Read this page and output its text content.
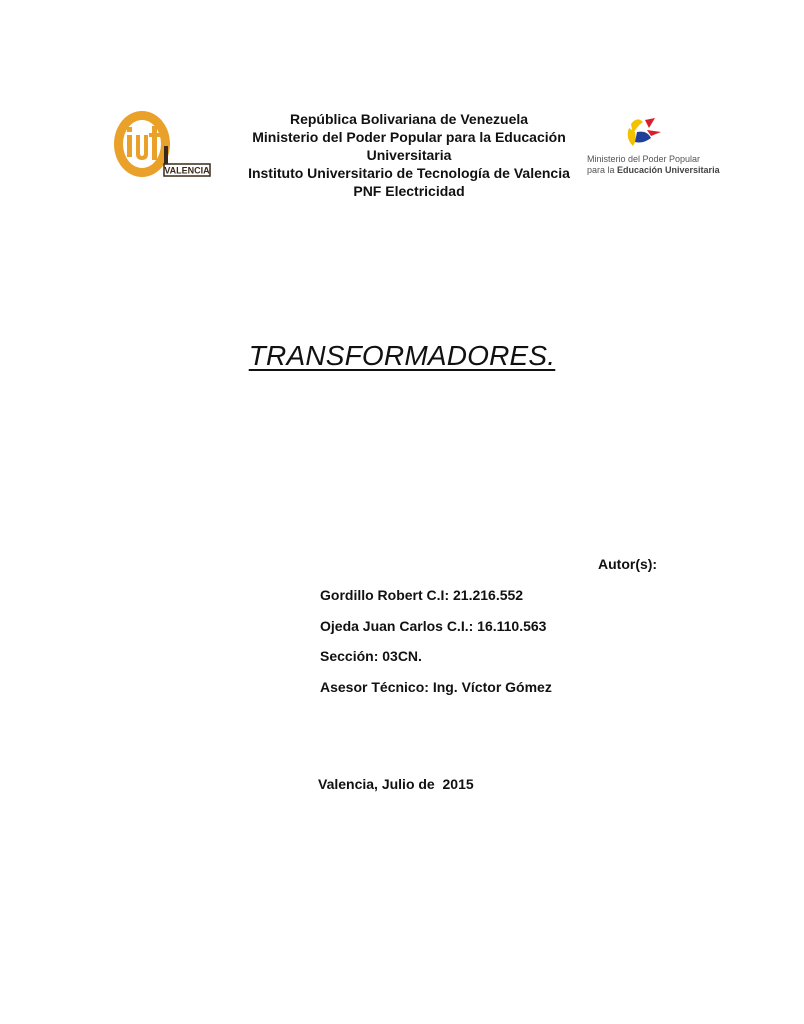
VALENCIA
República Bolivariana de Venezuela
Ministerio del Poder Popular para la Educación
Universitaria
Instituto Universitario de Tecnología de Valencia
PNF Electricidad
Ministerio del Poder Popular
para la Educación Universitaria
TRANSFORMADORES.
Autor(s):
Gordillo Robert C.I: 21.216.552
Ojeda Juan Carlos C.I.: 16.110.563
Sección: 03CN.
Asesor Técnico: Ing. Víctor Gómez
Valencia, Julio de  2015
